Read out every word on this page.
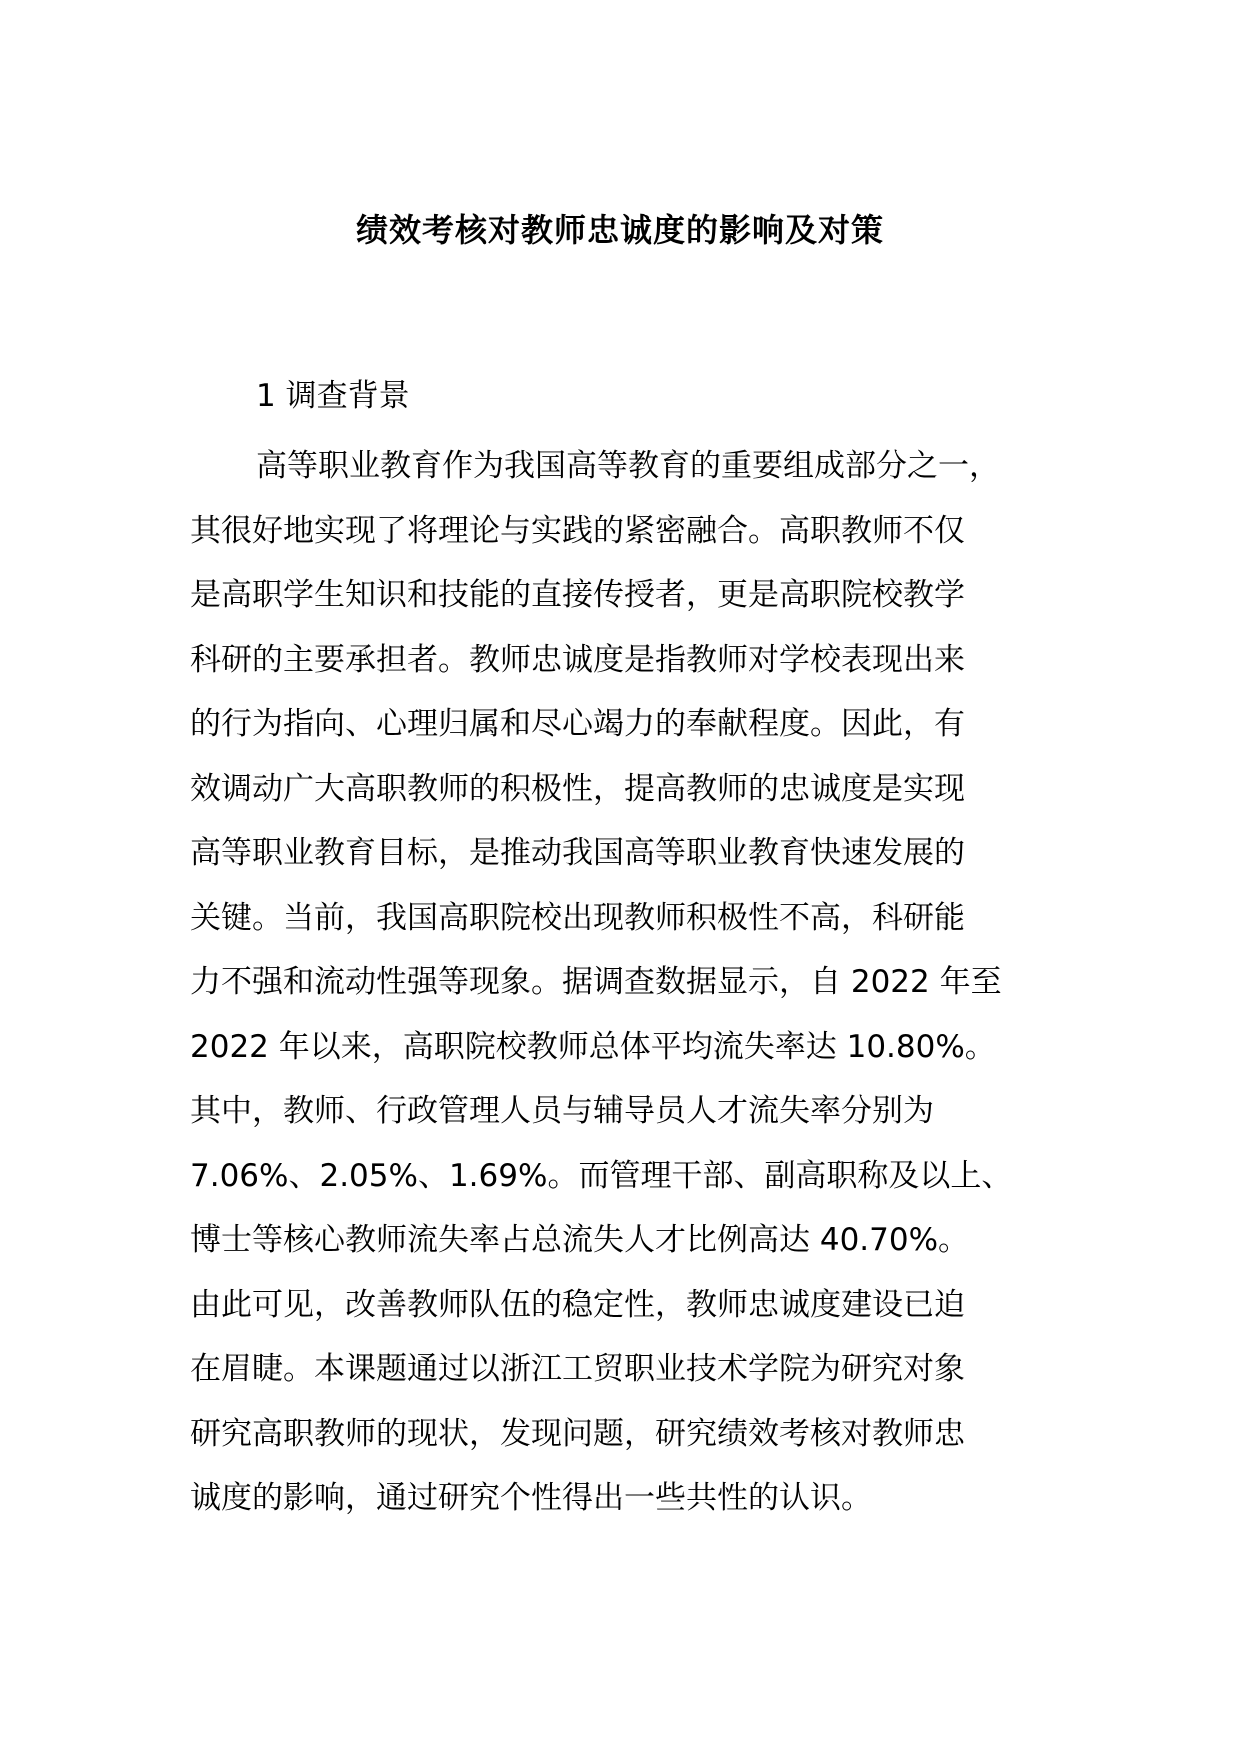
绩效考核对教师忠诚度的影响及对策
1 调查背景
高等职业教育作为我国高等教育的重要组成部分之一，
其很好地实现了将理论与实践的紧密融合。高职教师不仅
是高职学生知识和技能的直接传授者，更是高职院校教学
科研的主要承担者。教师忠诚度是指教师对学校表现出来
的行为指向、心理归属和尽心竭力的奉献程度。因此，有
效调动广大高职教师的积极性，提高教师的忠诚度是实现
高等职业教育目标，是推动我国高等职业教育快速发展的
关键。当前，我国高职院校出现教师积极性不高，科研能
力不强和流动性强等现象。据调查数据显示，自 2022 年至
2022 年以来，高职院校教师总体平均流失率达 10.80%。
其中，教师、行政管理人员与辅导员人才流失率分别为
7.06%、2.05%、1.69%。而管理干部、副高职称及以上、
博士等核心教师流失率占总流失人才比例高达 40.70%。
由此可见，改善教师队伍的稳定性，教师忠诚度建设已迫
在眉睫。本课题通过以浙江工贸职业技术学院为研究对象
研究高职教师的现状，发现问题，研究绩效考核对教师忠
诚度的影响，通过研究个性得出一些共性的认识。
